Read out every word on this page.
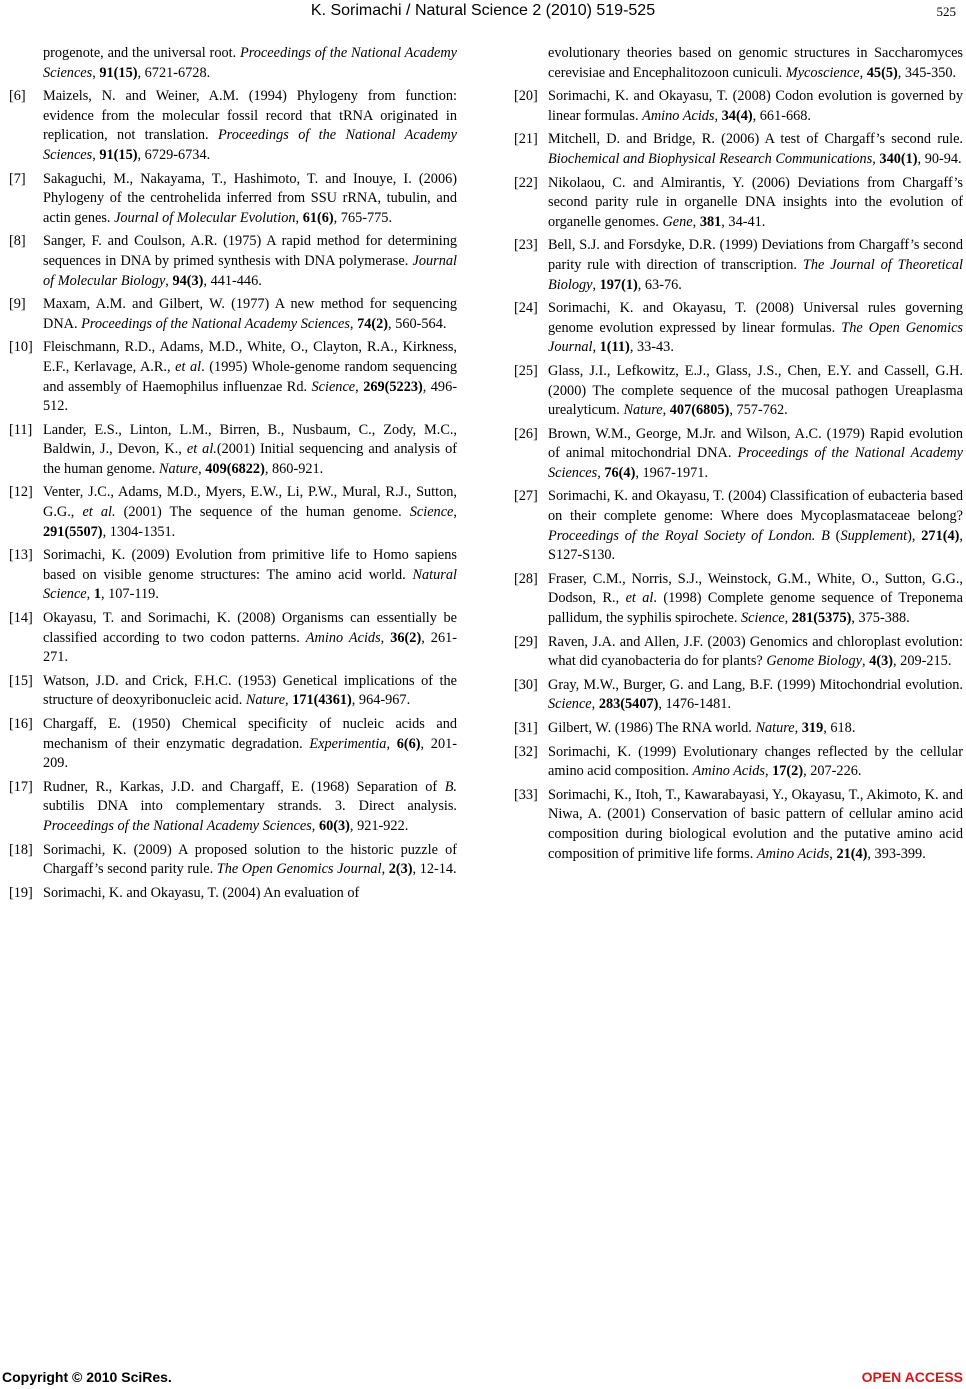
K. Sorimachi / Natural Science 2 (2010) 519-525	525
progenote, and the universal root. Proceedings of the National Academy Sciences, 91(15), 6721-6728.
[6]	Maizels, N. and Weiner, A.M. (1994) Phylogeny from function: evidence from the molecular fossil record that tRNA originated in replication, not translation. Proceedings of the National Academy Sciences, 91(15), 6729-6734.
[7]	Sakaguchi, M., Nakayama, T., Hashimoto, T. and Inouye, I. (2006) Phylogeny of the centrohelida inferred from SSU rRNA, tubulin, and actin genes. Journal of Molecular Evolution, 61(6), 765-775.
[8]	Sanger, F. and Coulson, A.R. (1975) A rapid method for determining sequences in DNA by primed synthesis with DNA polymerase. Journal of Molecular Biology, 94(3), 441-446.
[9]	Maxam, A.M. and Gilbert, W. (1977) A new method for sequencing DNA. Proceedings of the National Academy Sciences, 74(2), 560-564.
[10] Fleischmann, R.D., Adams, M.D., White, O., Clayton, R.A., Kirkness, E.F., Kerlavage, A.R., et al. (1995) Whole-genome random sequencing and assembly of Haemophilus influenzae Rd. Science, 269(5223), 496-512.
[11] Lander, E.S., Linton, L.M., Birren, B., Nusbaum, C., Zody, M.C., Baldwin, J., Devon, K., et al.(2001) Initial sequencing and analysis of the human genome. Nature, 409(6822), 860-921.
[12] Venter, J.C., Adams, M.D., Myers, E.W., Li, P.W., Mural, R.J., Sutton, G.G., et al. (2001) The sequence of the human genome. Science, 291(5507), 1304-1351.
[13] Sorimachi, K. (2009) Evolution from primitive life to Homo sapiens based on visible genome structures: The amino acid world. Natural Science, 1, 107-119.
[14] Okayasu, T. and Sorimachi, K. (2008) Organisms can essentially be classified according to two codon patterns. Amino Acids, 36(2), 261-271.
[15] Watson, J.D. and Crick, F.H.C. (1953) Genetical implications of the structure of deoxyribonucleic acid. Nature, 171(4361), 964-967.
[16] Chargaff, E. (1950) Chemical specificity of nucleic acids and mechanism of their enzymatic degradation. Experimentia, 6(6), 201-209.
[17] Rudner, R., Karkas, J.D. and Chargaff, E. (1968) Separation of B. subtilis DNA into complementary strands. 3. Direct analysis. Proceedings of the National Academy Sciences, 60(3), 921-922.
[18] Sorimachi, K. (2009) A proposed solution to the historic puzzle of Chargaff’s second parity rule. The Open Genomics Journal, 2(3), 12-14.
[19] Sorimachi, K. and Okayasu, T. (2004) An evaluation of
evolutionary theories based on genomic structures in Saccharomyces cerevisiae and Encephalitozoon cuniculi. Mycoscience, 45(5), 345-350.
[20] Sorimachi, K. and Okayasu, T. (2008) Codon evolution is governed by linear formulas. Amino Acids, 34(4), 661-668.
[21] Mitchell, D. and Bridge, R. (2006) A test of Chargaff’s second rule. Biochemical and Biophysical Research Communications, 340(1), 90-94.
[22] Nikolaou, C. and Almirantis, Y. (2006) Deviations from Chargaff’s second parity rule in organelle DNA insights into the evolution of organelle genomes. Gene, 381, 34-41.
[23] Bell, S.J. and Forsdyke, D.R. (1999) Deviations from Chargaff’s second parity rule with direction of transcription. The Journal of Theoretical Biology, 197(1), 63-76.
[24] Sorimachi, K. and Okayasu, T. (2008) Universal rules governing genome evolution expressed by linear formulas. The Open Genomics Journal, 1(11), 33-43.
[25] Glass, J.I., Lefkowitz, E.J., Glass, J.S., Chen, E.Y. and Cassell, G.H. (2000) The complete sequence of the mucosal pathogen Ureaplasma urealyticum. Nature, 407(6805), 757-762.
[26] Brown, W.M., George, M.Jr. and Wilson, A.C. (1979) Rapid evolution of animal mitochondrial DNA. Proceedings of the National Academy Sciences, 76(4), 1967-1971.
[27] Sorimachi, K. and Okayasu, T. (2004) Classification of eubacteria based on their complete genome: Where does Mycoplasmataceae belong? Proceedings of the Royal Society of London. B (Supplement), 271(4), S127-S130.
[28] Fraser, C.M., Norris, S.J., Weinstock, G.M., White, O., Sutton, G.G., Dodson, R., et al. (1998) Complete genome sequence of Treponema pallidum, the syphilis spirochete. Science, 281(5375), 375-388.
[29] Raven, J.A. and Allen, J.F. (2003) Genomics and chloroplast evolution: what did cyanobacteria do for plants? Genome Biology, 4(3), 209-215.
[30] Gray, M.W., Burger, G. and Lang, B.F. (1999) Mitochondrial evolution. Science, 283(5407), 1476-1481.
[31] Gilbert, W. (1986) The RNA world. Nature, 319, 618.
[32] Sorimachi, K. (1999) Evolutionary changes reflected by the cellular amino acid composition. Amino Acids, 17(2), 207-226.
[33] Sorimachi, K., Itoh, T., Kawarabayasi, Y., Okayasu, T., Akimoto, K. and Niwa, A. (2001) Conservation of basic pattern of cellular amino acid composition during biological evolution and the putative amino acid composition of primitive life forms. Amino Acids, 21(4), 393-399.
Copyright © 2010 SciRes.	OPEN ACCESS
